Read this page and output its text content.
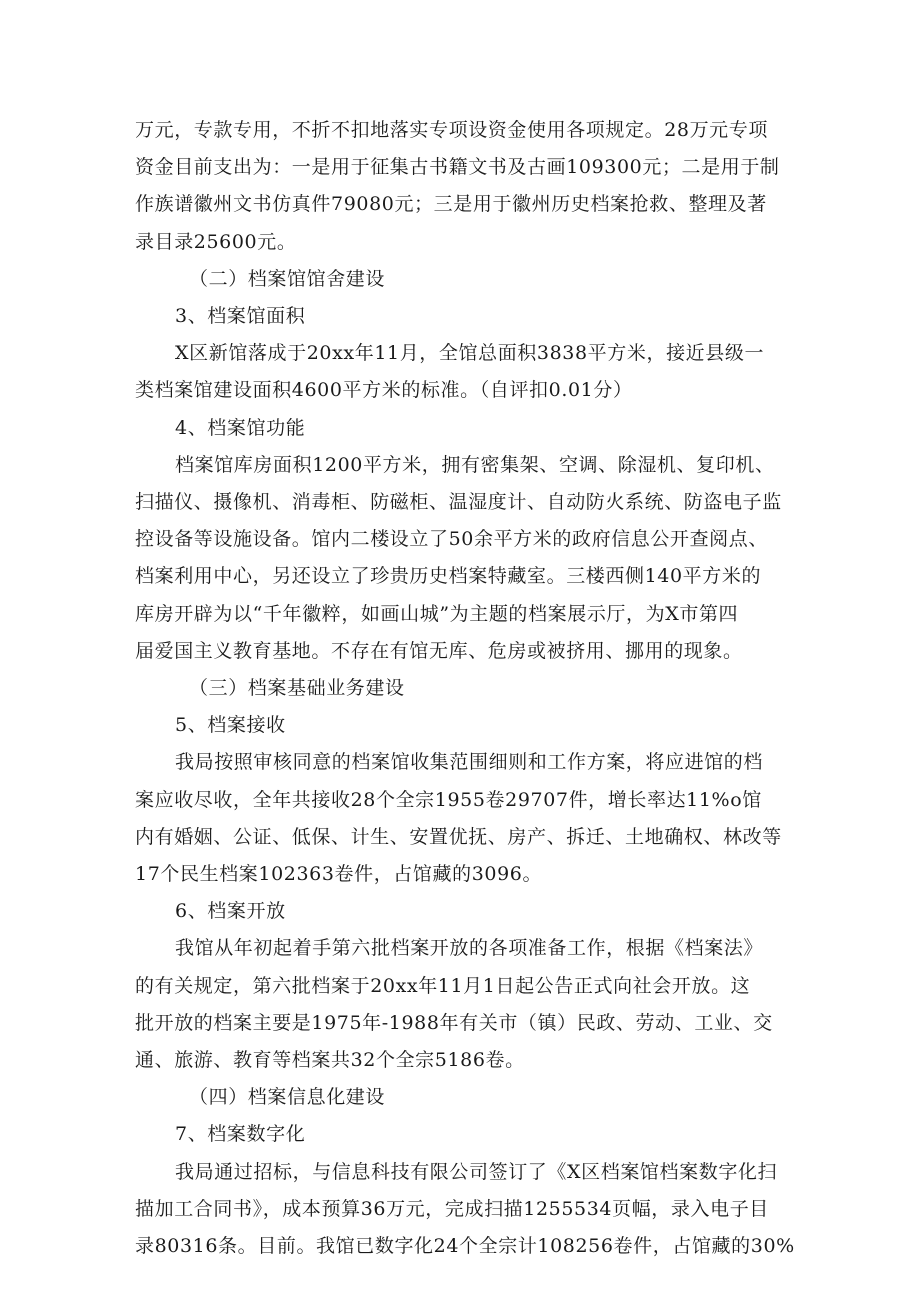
万元，专款专用，不折不扣地落实专项设资金使用各项规定。28万元专项
资金目前支出为：一是用于征集古书籍文书及古画109300元；二是用于制
作族谱徽州文书仿真件79080元；三是用于徽州历史档案抢救、整理及著
录目录25600元。

（二）档案馆馆舍建设

3、档案馆面积

X区新馆落成于20xx年11月，全馆总面积3838平方米，接近县级一
类档案馆建设面积4600平方米的标准。（自评扣0.01分）

4、档案馆功能

档案馆库房面积1200平方米，拥有密集架、空调、除湿机、复印机、
扫描仪、摄像机、消毒柜、防磁柜、温湿度计、自动防火系统、防盗电子监
控设备等设施设备。馆内二楼设立了50余平方米的政府信息公开查阅点、
档案利用中心，另还设立了珍贵历史档案特藏室。三楼西侧140平方米的
库房开辟为以“千年徽粹，如画山城”为主题的档案展示厅，为X市第四
届爱国主义教育基地。不存在有馆无库、危房或被挤用、挪用的现象。

（三）档案基础业务建设

5、档案接收

我局按照审核同意的档案馆收集范围细则和工作方案，将应进馆的档
案应收尽收，全年共接收28个全宗1955卷29707件，增长率达11%o馆
内有婚姻、公证、低保、计生、安置优抚、房产、拆迁、土地确权、林改等
17个民生档案102363卷件，占馆藏的3096。

6、档案开放

我馆从年初起着手第六批档案开放的各项准备工作，根据《档案法》
的有关规定，第六批档案于20xx年11月1日起公告正式向社会开放。这
批开放的档案主要是1975年-1988年有关市（镇）民政、劳动、工业、交
通、旅游、教育等档案共32个全宗5186卷。

（四）档案信息化建设

7、档案数字化

我局通过招标，与信息科技有限公司签订了《X区档案馆档案数字化扫
描加工合同书》，成本预算36万元，完成扫描1255534页幅，录入电子目
录80316条。目前。我馆已数字化24个全宗计108256卷件，占馆藏的30%
